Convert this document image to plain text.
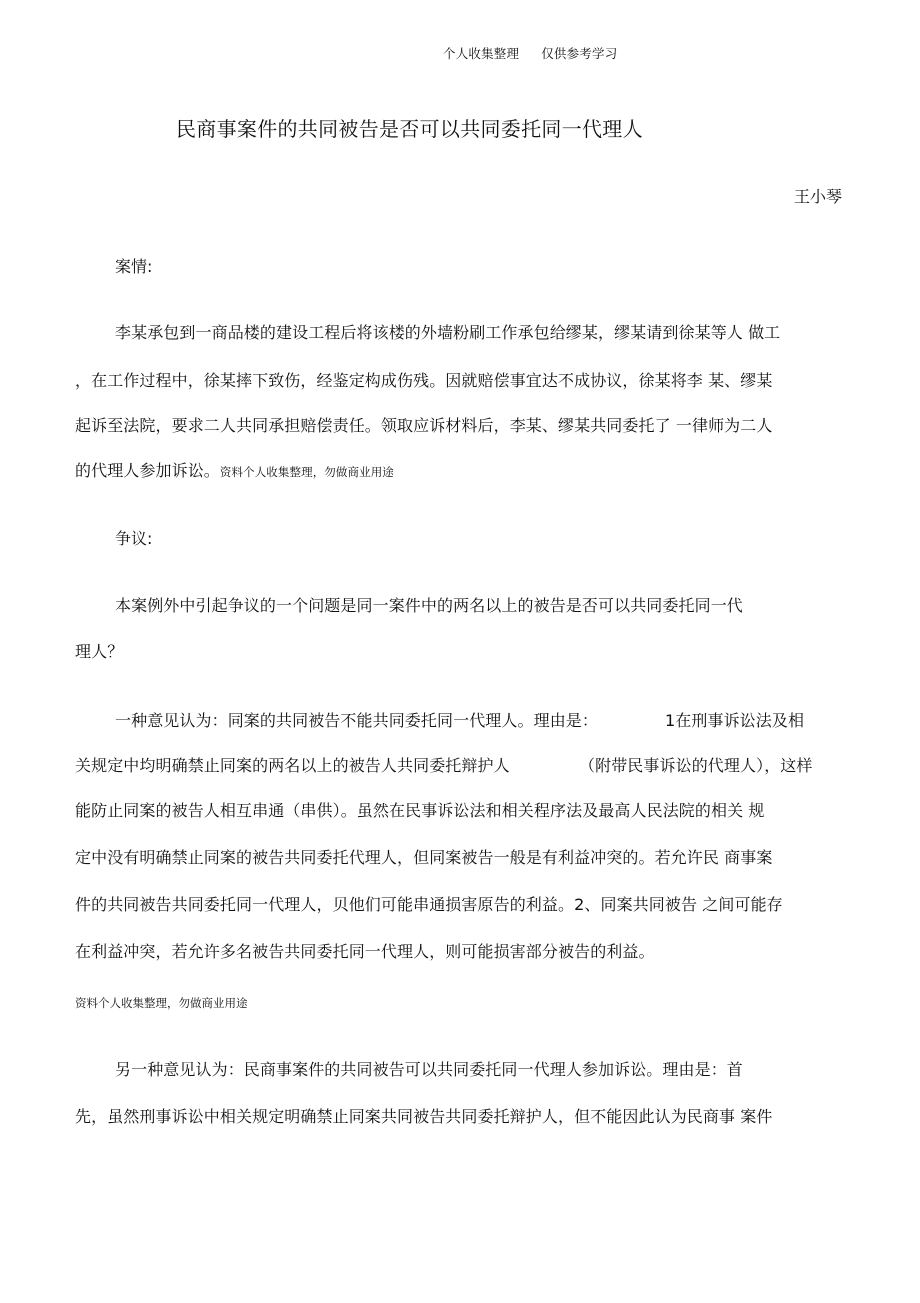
个人收集整理 仅供参考学习
民商事案件的共同被告是否可以共同委托同一代理人
王小琴
案情:
李某承包到一商品楼的建设工程后将该楼的外墙粉刷工作承包给缪某，缪某请到徐某等人 做工
，在工作过程中，徐某摔下致伤，经鉴定构成伤残。因就赔偿事宜达不成协议，徐某将李 某、缪某
起诉至法院，要求二人共同承担赔偿责任。领取应诉材料后，李某、缪某共同委托了 一律师为二人
的代理人参加诉讼。资料个人收集整理，勿做商业用途
争议:
本案例外中引起争议的一个问题是同一案件中的两名以上的被告是否可以共同委托同一代
理人？
一种意见认为：同案的共同被告不能共同委托同一代理人。理由是：	1在刑事诉讼法及相
关规定中均明确禁止同案的两名以上的被告人共同委托辩护人	（附带民事诉讼的代理人），这样
能防止同案的被告人相互串通（串供）。虽然在民事诉讼法和相关程序法及最高人民法院的相关 规
定中没有明确禁止同案的被告共同委托代理人，但同案被告一般是有利益冲突的。若允许民 商事案
件的共同被告共同委托同一代理人，贝他们可能串通损害原告的利益。2、同案共同被告 之间可能存
在利益冲突，若允许多名被告共同委托同一代理人，则可能损害部分被告的利益。
资料个人收集整理，勿做商业用途
另一种意见认为：民商事案件的共同被告可以共同委托同一代理人参加诉讼。理由是：首
先，虽然刑事诉讼中相关规定明确禁止同案共同被告共同委托辩护人，但不能因此认为民商事 案件
